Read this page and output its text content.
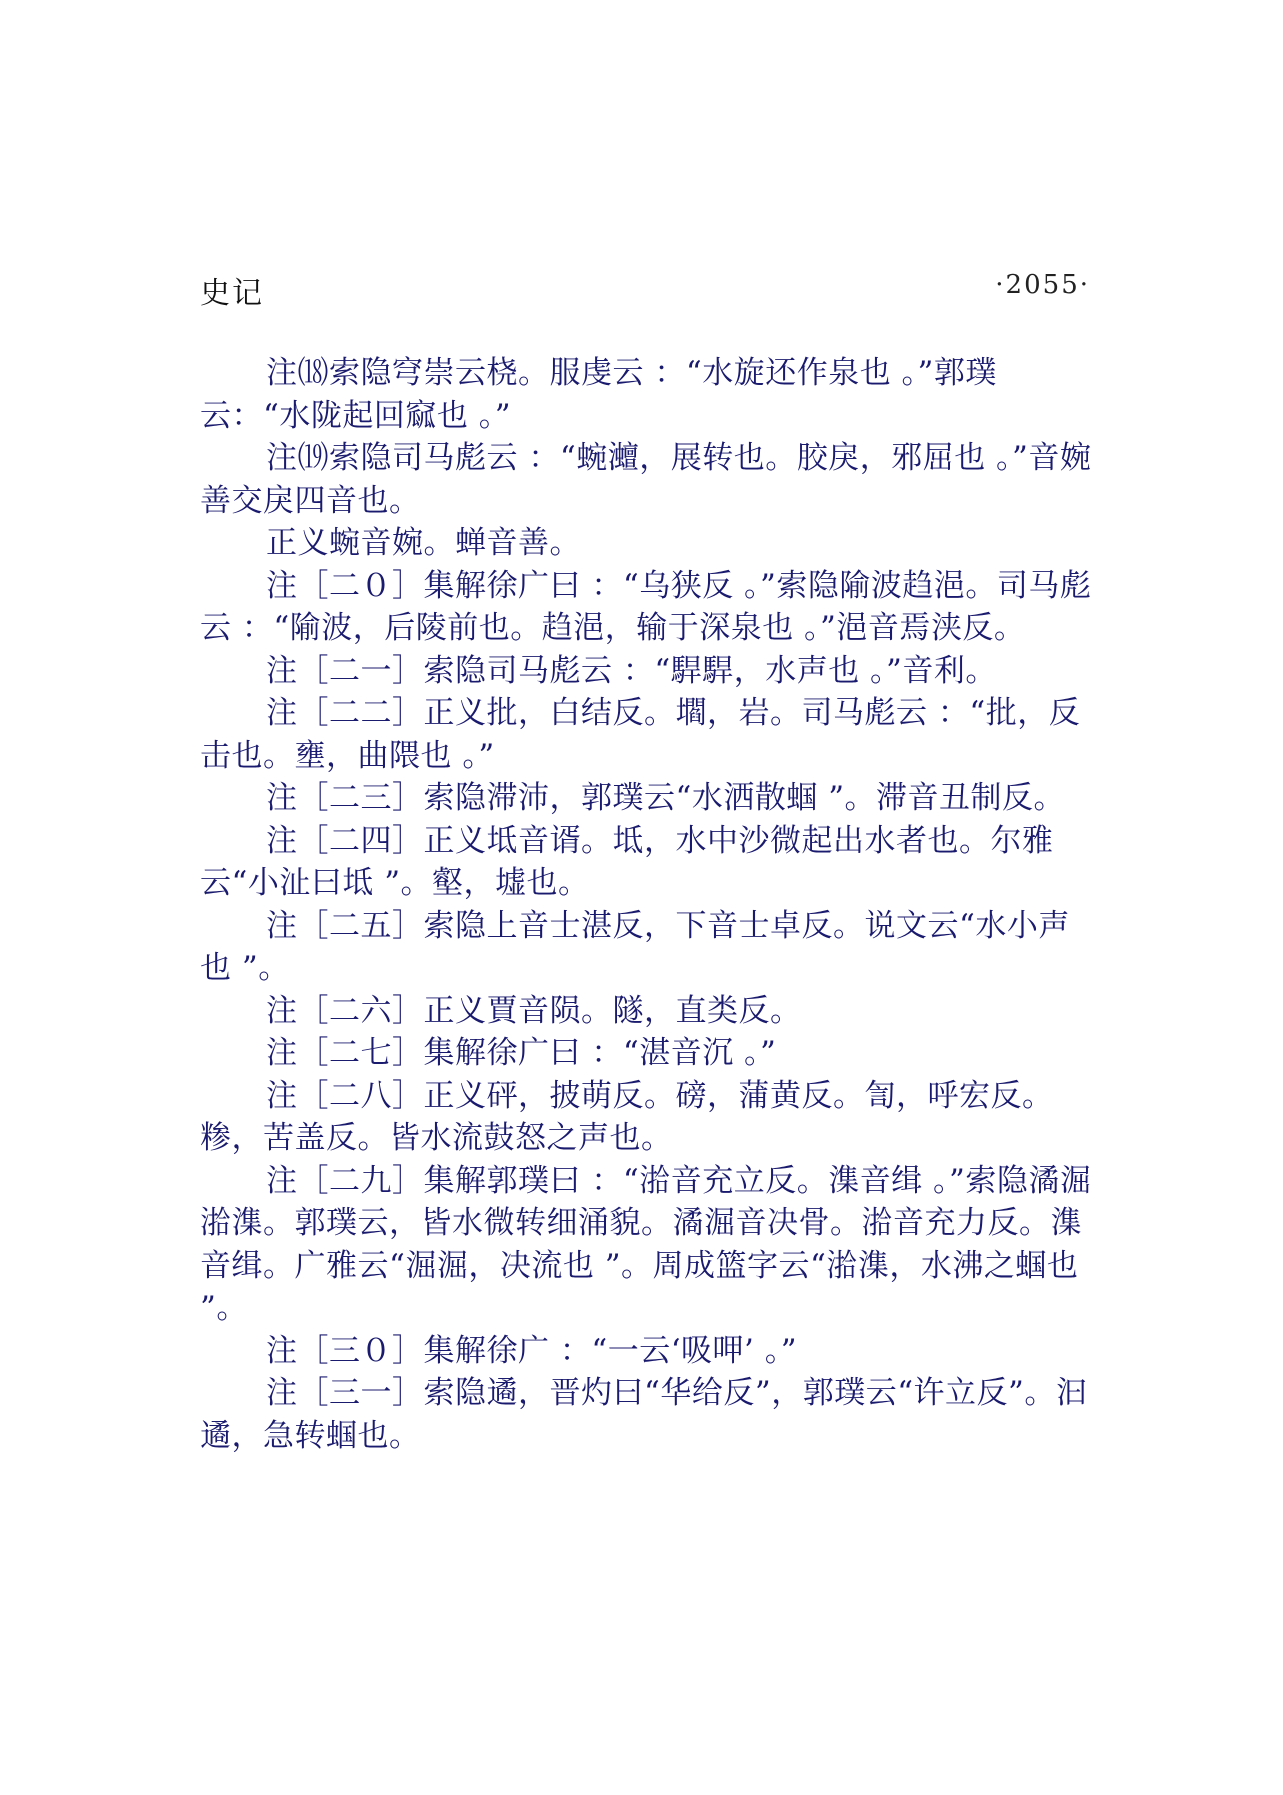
史记	·2055·

注⒅索隐穹崇云桡。服虔云 ：“水旋还作泉也 。”郭璞云：“水陇起回窳也 。”

注⒆索隐司马彪云 ：“蜿灗，展转也。胶戾，邪屈也 。”音婉善交戾四音也。

正义蜿音婉。蝉音善。

注［二０］集解徐广曰 ：“乌狭反 。”索隐隃波趋浥。司马彪云 ：“隃波，后陵前也。趋浥，输于深泉也 。”浥音焉浃反。

注［二一］索隐司马彪云 ：“駻駻，水声也 。”音利。

注［二二］正义批，白结反。壛，岩。司马彪云 ：“批，反击也。壅，曲隈也 。”

注［二三］索隐滞沛，郭璞云“水洒散蝈 ”。滞音丑制反。

注［二四］正义坻音谞。坻，水中沙微起出水者也。尔雅云“小沚曰坻 ”。壑，墟也。

注［二五］索隐上音士湛反，下音士卓反。说文云“水小声也 ”。

注［二六］正义賈音陨。隧，直类反。

注［二七］集解徐广曰 ：“湛音沉 。”

注［二八］正义砰，披萌反。磅，蒲黄反。訇，呼宏反。糁，苦盖反。皆水流鼓怒之声也。

注［二九］集解郭璞曰 ：“湁音充立反。潗音缉 。”索隐潏淈湁潗。郭璞云，皆水微转细涌貌。潏淈音决骨。湁音充力反。潗音缉。广雅云“淈淈，决流也 ”。周成篮字云“湁潗，水沸之蝈也 ”。

注［三０］集解徐广 ：“一云‘吸呷’ 。”

注［三一］索隐遹，晋灼曰“华给反”，郭璞云“许立反”。汩遹，急转蝈也。
